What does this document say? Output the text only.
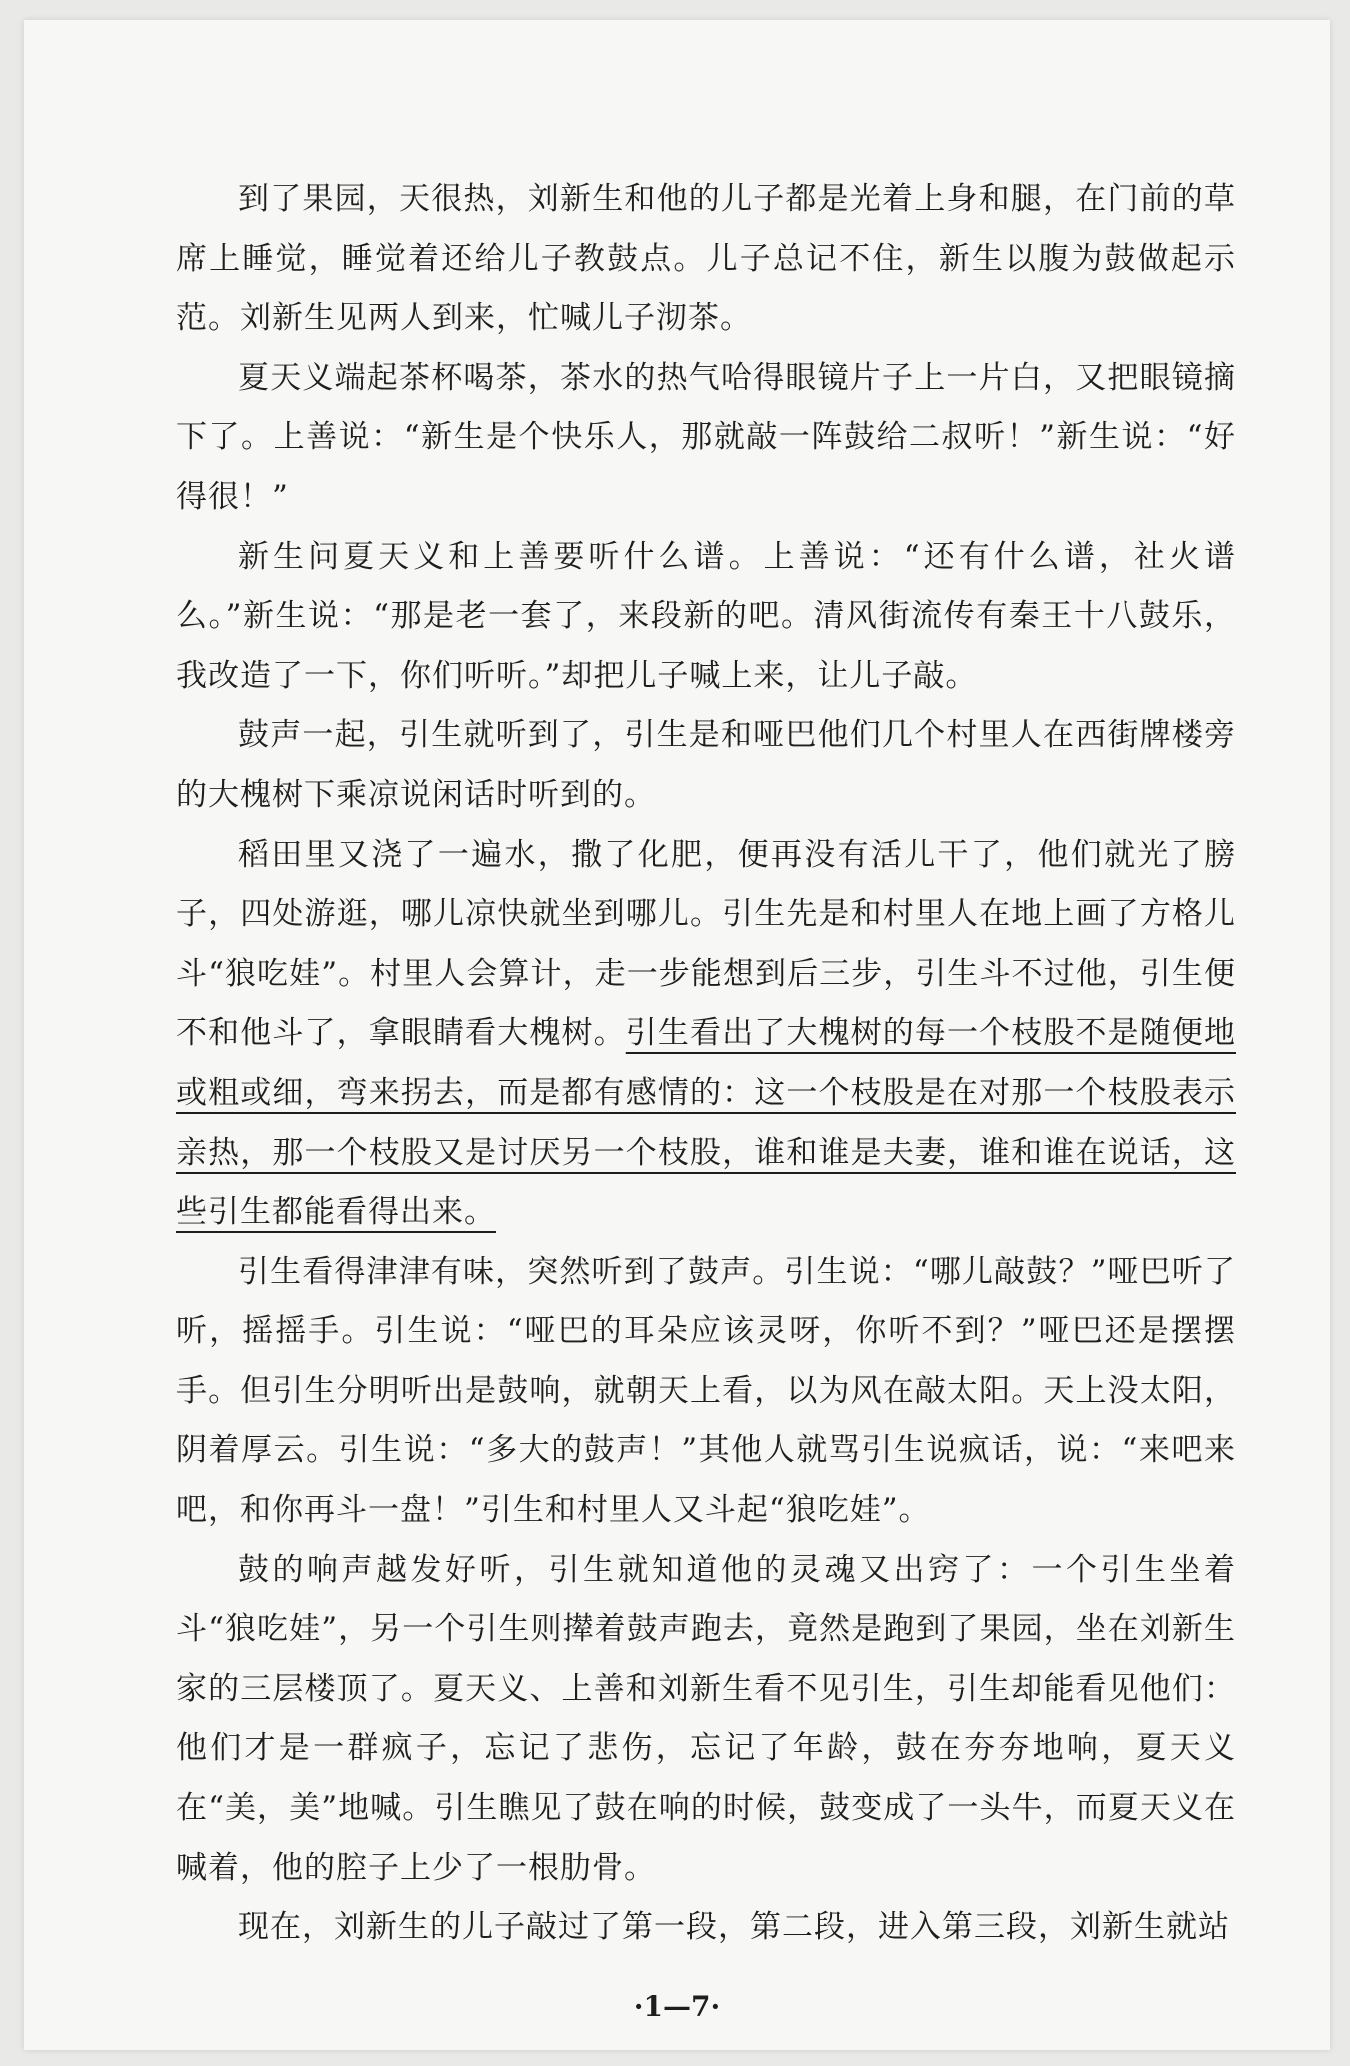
到了果园，天很热，刘新生和他的儿子都是光着上身和腿，在门前的草席上睡觉，睡觉着还给儿子教鼓点。儿子总记不住，新生以腹为鼓做起示范。刘新生见两人到来，忙喊儿子沏茶。

夏天义端起茶杯喝茶，茶水的热气哈得眼镜片子上一片白，又把眼镜摘下了。上善说：“新生是个快乐人，那就敲一阵鼓给二叔听！”新生说：“好得很！”

新生问夏天义和上善要听什么谱。上善说：“还有什么谱，社火谱么。”新生说：“那是老一套了，来段新的吧。清风街流传有秦王十八鼓乐，我改造了一下，你们听听。”却把儿子喊上来，让儿子敲。

鼓声一起，引生就听到了，引生是和哑巴他们几个村里人在西街牌楼旁的大槐树下乘凉说闲话时听到的。

稻田里又浇了一遍水，撒了化肥，便再没有活儿干了，他们就光了膀子，四处游逛，哪儿凉快就坐到哪儿。引生先是和村里人在地上画了方格儿斗“狼吃娃”。村里人会算计，走一步能想到后三步，引生斗不过他，引生便不和他斗了，拿眼睛看大槐树。引生看出了大槐树的每一个枝股不是随便地或粗或细，弯来拐去，而是都有感情的：这一个枝股是在对那一个枝股表示亲热，那一个枝股又是讨厌另一个枝股，谁和谁是夫妻，谁和谁在说话，这些引生都能看得出来。

引生看得津津有味，突然听到了鼓声。引生说：“哪儿敲鼓？”哑巴听了听，摇摇手。引生说：“哑巴的耳朵应该灵呀，你听不到？”哑巴还是摆摆手。但引生分明听出是鼓响，就朝天上看，以为风在敲太阳。天上没太阳，阴着厚云。引生说：“多大的鼓声！”其他人就骂引生说疯话，说：“来吧来吧，和你再斗一盘！”引生和村里人又斗起“狼吃娃”。

鼓的响声越发好听，引生就知道他的灵魂又出窍了：一个引生坐着斗“狼吃娃”，另一个引生则撵着鼓声跑去，竟然是跑到了果园，坐在刘新生家的三层楼顶了。夏天义、上善和刘新生看不见引生，引生却能看见他们：他们才是一群疯子，忘记了悲伤，忘记了年龄，鼓在夯夯地响，夏天义在“美，美”地喊。引生瞧见了鼓在响的时候，鼓变成了一头牛，而夏天义在喊着，他的腔子上少了一根肋骨。

现在，刘新生的儿子敲过了第一段，第二段，进入第三段，刘新生就站

·1—7·
